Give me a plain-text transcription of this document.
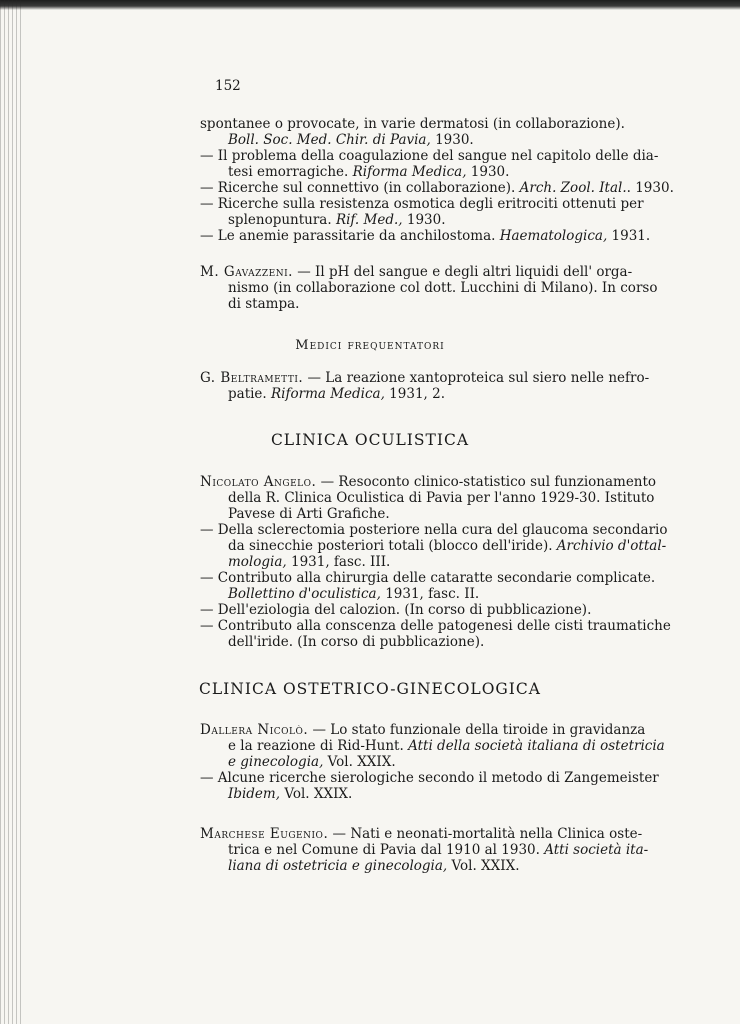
152
spontanee o provocate, in varie dermatosi (in collaborazione).
Boll. Soc. Med. Chir. di Pavia, 1930.
— Il problema della coagulazione del sangue nel capitolo delle dia-
tesi emorragiche. Riforma Medica, 1930.
— Ricerche sul connettivo (in collaborazione). Arch. Zool. Ital.. 1930.
— Ricerche sulla resistenza osmotica degli eritrociti ottenuti per
splenopuntura. Rif. Med., 1930.
— Le anemie parassitarie da anchilostoma. Haematologica, 1931.
M. Gavazzeni. — Il pH del sangue e degli altri liquidi dell' orga-
nismo (in collaborazione col dott. Lucchini di Milano). In corso
di stampa.
Medici frequentatori
G. Beltrametti. — La reazione xantoproteica sul siero nelle nefro-
patie. Riforma Medica, 1931, 2.
CLINICA OCULISTICA
Nicolato Angelo. — Resoconto clinico-statistico sul funzionamento
della R. Clinica Oculistica di Pavia per l'anno 1929-30. Istituto
Pavese di Arti Grafiche.
— Della sclerectomia posteriore nella cura del glaucoma secondario
da sinecchie posteriori totali (blocco dell'iride). Archivio d'ottal-
mologia, 1931, fasc. III.
— Contributo alla chirurgia delle cataratte secondarie complicate.
Bollettino d'oculistica, 1931, fasc. II.
— Dell'eziologia del calozion. (In corso di pubblicazione).
— Contributo alla conscenza delle patogenesi delle cisti traumatiche
dell'iride. (In corso di pubblicazione).
CLINICA OSTETRICO-GINECOLOGICA
Dallera Nicolò. — Lo stato funzionale della tiroide in gravidanza
e la reazione di Rid-Hunt. Atti della società italiana di ostetricia
e ginecologia, Vol. XXIX.
— Alcune ricerche sierologiche secondo il metodo di Zangemeister
Ibidem, Vol. XXIX.
Marchese Eugenio. — Nati e neonati-mortalità nella Clinica oste-
trica e nel Comune di Pavia dal 1910 al 1930. Atti società ita-
liana di ostetricia e ginecologia, Vol. XXIX.
